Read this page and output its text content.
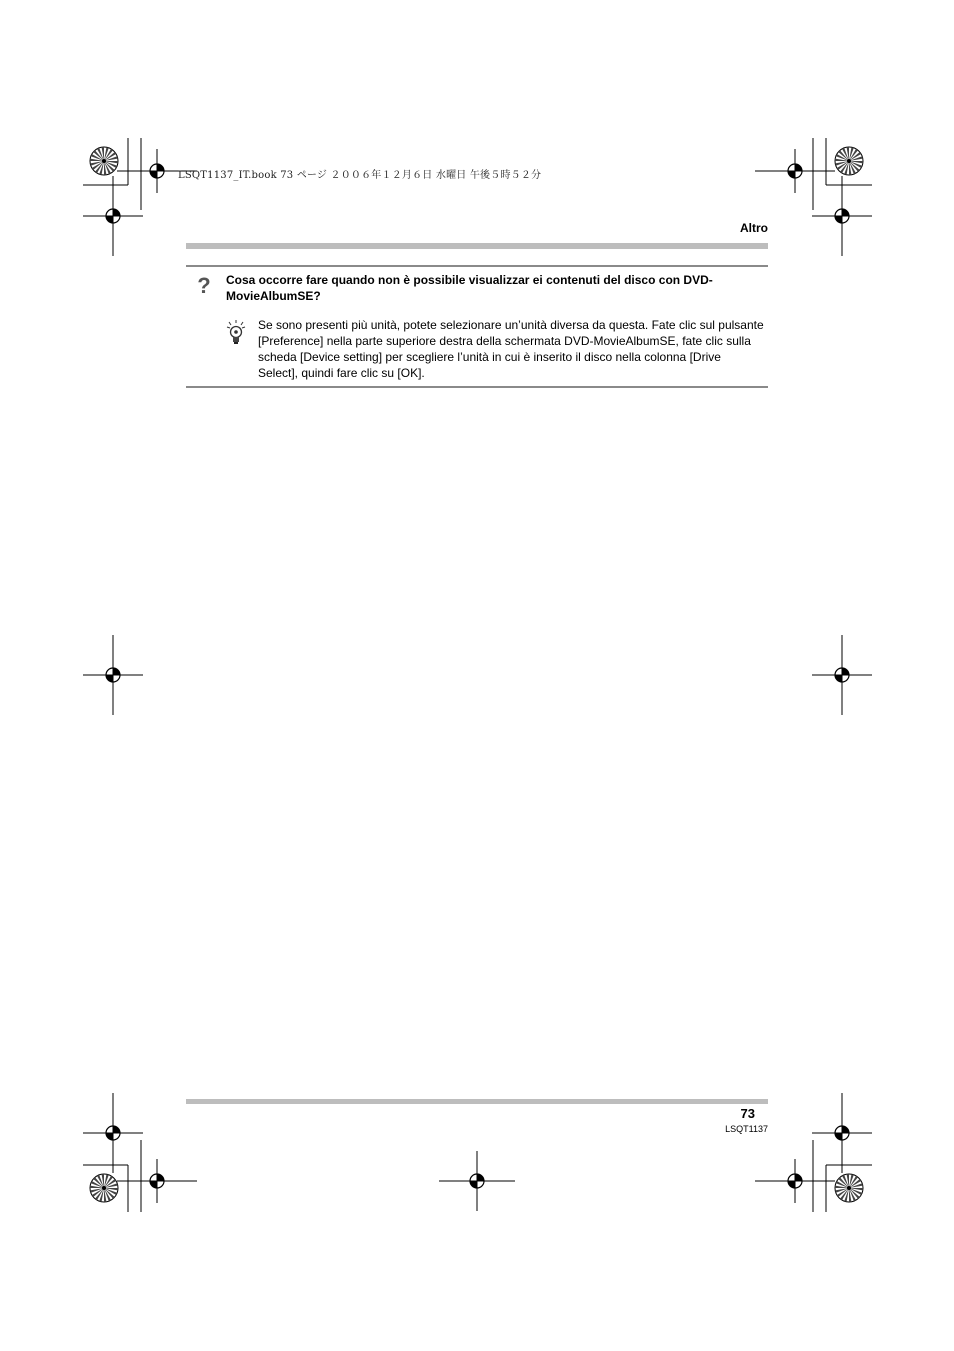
LSQT1137_IT.book 73 ページ ２００６年１２月６日 水曜日 午後５時５２分
Altro
? Cosa occorre fare quando non è possibile visualizzar ei contenuti del disco con DVD-MovieAlbumSE?
Se sono presenti più unità, potete selezionare un’unità diversa da questa. Fate clic sul pulsante [Preference] nella parte superiore destra della schermata DVD-MovieAlbumSE, fate clic sulla scheda [Device setting] per scegliere l’unità in cui è inserito il disco nella colonna [Drive Select], quindi fare clic su [OK].
73
LSQT1137
